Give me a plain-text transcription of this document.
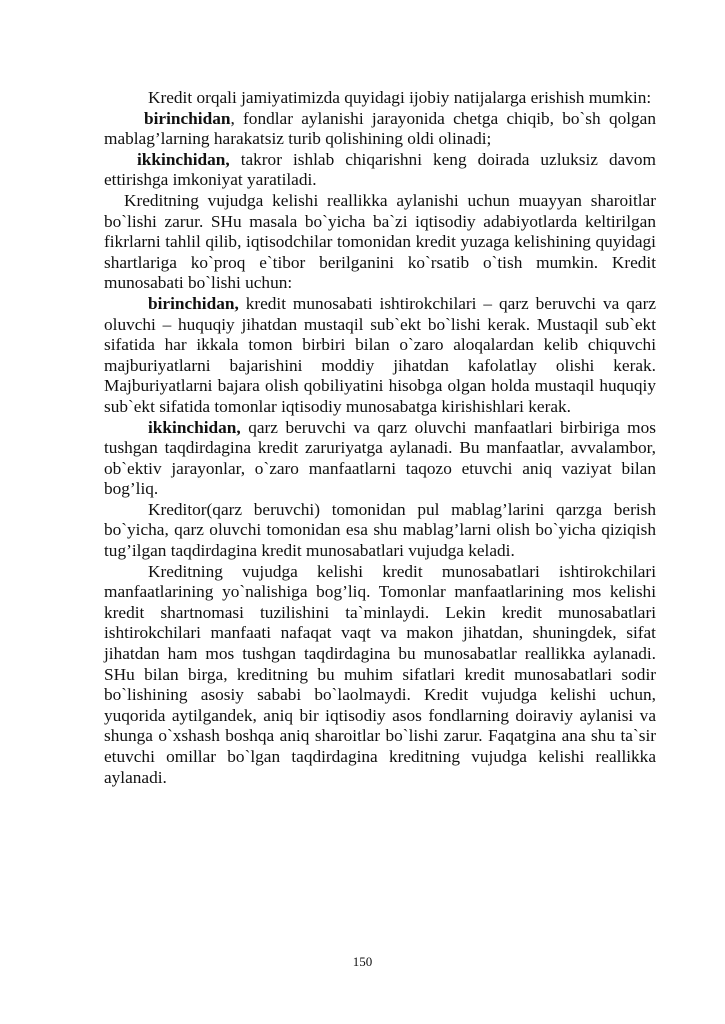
Kredit orqali jamiyatimizda quyidagi ijobiy natijalarga erishish mumkin:

birinchidan, fondlar aylanishi jarayonida chetga chiqib, bo`sh qolgan mablag’larning harakatsiz turib qolishining oldi olinadi;

ikkinchidan, takror ishlab chiqarishni keng doirada uzluksiz davom ettirishga imkoniyat yaratiladi.

Kreditning vujudga kelishi reallikka aylanishi uchun muayyan sharoitlar bo`lishi zarur. SHu masala bo`yicha ba`zi iqtisodiy adabiyotlarda keltirilgan fikrlarni tahlil qilib, iqtisodchilar tomonidan kredit yuzaga kelishining quyidagi shartlariga ko`proq e`tibor berilganini ko`rsatib o`tish mumkin. Kredit munosabati bo`lishi uchun:

birinchidan, kredit munosabati ishtirokchilari – qarz beruvchi va qarz oluvchi – huquqiy jihatdan mustaqil sub`ekt bo`lishi kerak. Mustaqil sub`ekt sifatida har ikkala tomon birbiri bilan o`zaro aloqalardan kelib chiquvchi majburiyatlarni bajarishini moddiy jihatdan kafolatlay olishi kerak. Majburiyatlarni bajara olish qobiliyatini hisobga olgan holda mustaqil huquqiy sub`ekt sifatida tomonlar iqtisodiy munosabatga kirishishlari kerak.

ikkinchidan, qarz beruvchi va qarz oluvchi manfaatlari birbiriga mos tushgan taqdirdagina kredit zaruriyatga aylanadi. Bu manfaatlar, avvalambor, ob`ektiv jarayonlar, o`zaro manfaatlarni taqozo etuvchi aniq vaziyat bilan bog’liq.

Kreditor(qarz beruvchi) tomonidan pul mablag’larini qarzga berish bo`yicha, qarz oluvchi tomonidan esa shu mablag’larni olish bo`yicha qiziqish tug’ilgan taqdirdagina kredit munosabatlari vujudga keladi.

Kreditning vujudga kelishi kredit munosabatlari ishtirokchilari manfaatlarining yo`nalishiga bog’liq. Tomonlar manfaatlarining mos kelishi kredit shartnomasi tuzilishini ta`minlaydi. Lekin kredit munosabatlari ishtirokchilari manfaati nafaqat vaqt va makon jihatdan, shuningdek, sifat jihatdan ham mos tushgan taqdirdagina bu munosabatlar reallikka aylanadi. SHu bilan birga, kreditning bu muhim sifatlari kredit munosabatlari sodir bo`lishining asosiy sababi bo`laolmaydi. Kredit vujudga kelishi uchun, yuqorida aytilgandek, aniq bir iqtisodiy asos fondlarning doiraviy aylanisi va shunga o`xshash boshqa aniq sharoitlar bo`lishi zarur. Faqatgina ana shu ta`sir etuvchi omillar bo`lgan taqdirdagina kreditning vujudga kelishi reallikka aylanadi.

150
